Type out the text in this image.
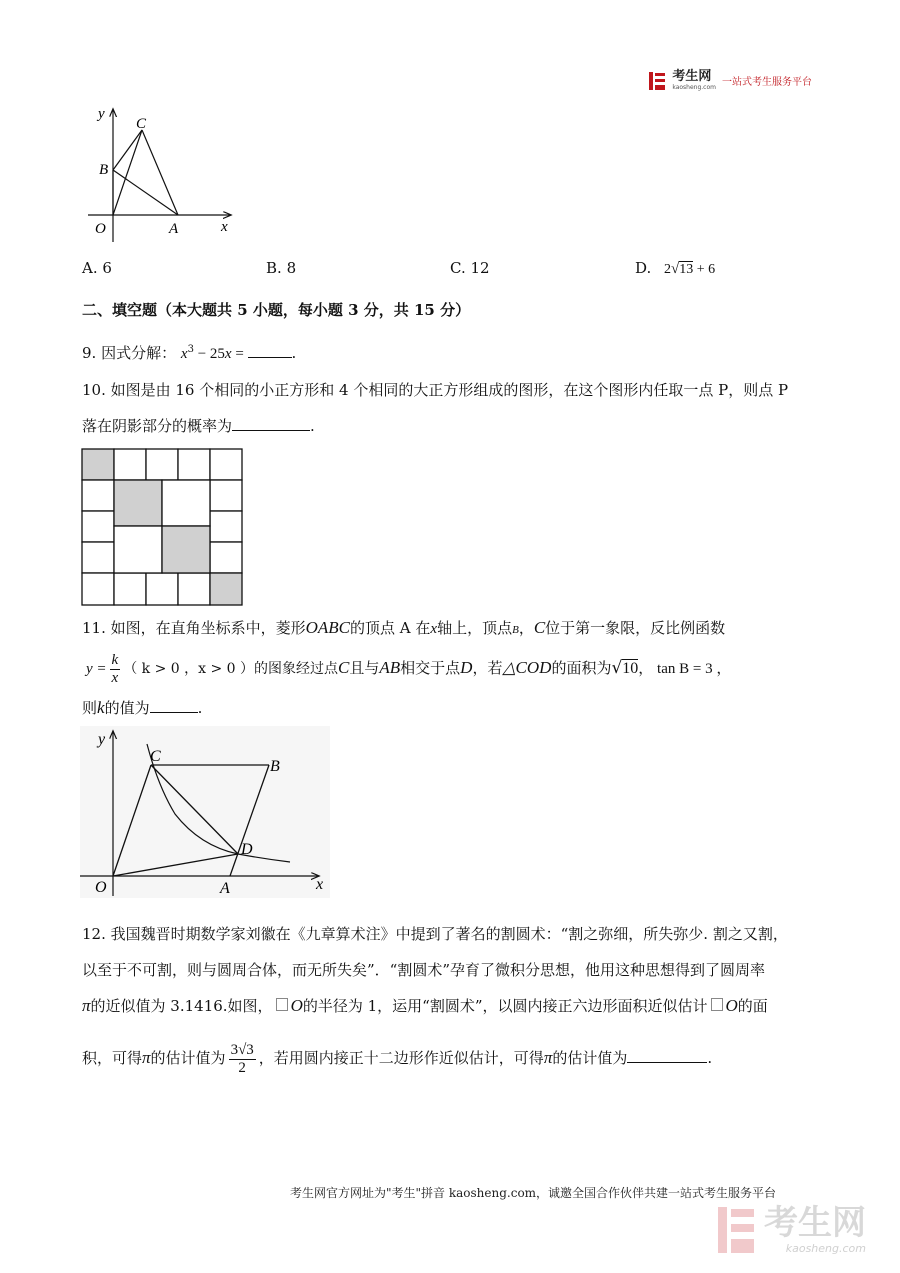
考生网
kaosheng.com 一站式考生服务平台
y
C
B
O	A	x
A. 6	B. 8	C. 12	D. 2√13 + 6
二、填空题（本大题共 5 小题，每小题 3 分，共 15 分）
9. 因式分解： $x^3 - 25x$ =	.
10. 如图是由 16 个相同的小正方形和 4 个相同的大正方形组成的图形，在这个图形内任取一点 P，则点 P
落在阴影部分的概率为	.
11. 如图，在直角坐标系中，菱形OABC的顶点 A 在x轴上，顶点B，C位于第一象限，反比例函数
$y = \frac{k}{x}$ （ k > 0 ，x > 0 ）的图象经过点C且与AB相交于点D，若△COD的面积为√10， tan B = 3 ，
则k的值为	.
y
C
B
D
O	A	x
12. 我国魏晋时期数学家刘徽在《九章算术注》中提到了著名的割圆术：“割之弥细，所失弥少. 割之又割，
以至于不可割，则与圆周合体，而无所失矣”．“割圆术”孕育了微积分思想，他用这种思想得到了圆周率
π的近似值为 3.1416.如图， O的半径为 1，运用“割圆术”，以圆内接正六边形面积近似估计 O的面
积，可得π的估计值为 $\frac{3√3}{2}$ ，若用圆内接正十二边形作近似估计，可得π的估计值为	.
考生网官方网址为"考生"拼音 kaosheng.com，诚邀全国合作伙伴共建一站式考生服务平台
考生网
kaosheng.com
